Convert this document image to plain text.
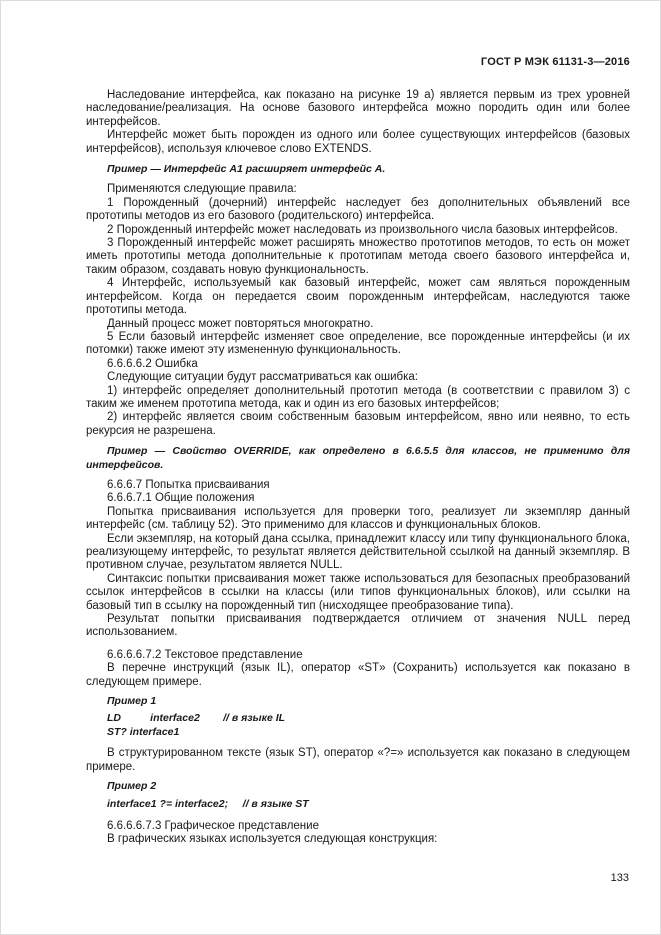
ГОСТ Р МЭК 61131-3—2016

Наследование интерфейса, как показано на рисунке 19 а) является первым из трех уровней наследование/реализация. На основе базового интерфейса можно породить один или более интерфейсов.

Интерфейс может быть порожден из одного или более существующих интерфейсов (базовых интерфейсов), используя ключевое слово EXTENDS.

Пример — Интерфейс А1 расширяет интерфейс А.

Применяются следующие правила:

1 Порожденный (дочерний) интерфейс наследует без дополнительных объявлений все прототипы методов из его базового (родительского) интерфейса.

2 Порожденный интерфейс может наследовать из произвольного числа базовых интерфейсов.

3 Порожденный интерфейс может расширять множество прототипов методов, то есть он может иметь прототипы метода дополнительные к прототипам метода своего базового интерфейса и, таким образом, создавать новую функциональность.

4 Интерфейс, используемый как базовый интерфейс, может сам являться порожденным интерфейсом. Когда он передается своим порожденным интерфейсам, наследуются также прототипы метода.

Данный процесс может повторяться многократно.

5 Если базовый интерфейс изменяет свое определение, все порожденные интерфейсы (и их потомки) также имеют эту измененную функциональность.

6.6.6.6.2 Ошибка

Следующие ситуации будут рассматриваться как ошибка:

1) интерфейс определяет дополнительный прототип метода (в соответствии с правилом 3) с таким же именем прототипа метода, как и один из его базовых интерфейсов;

2) интерфейс является своим собственным базовым интерфейсом, явно или неявно, то есть рекурсия не разрешена.

Пример — Свойство OVERRIDE, как определено в 6.6.5.5 для классов, не применимо для интерфейсов.

6.6.6.7 Попытка присваивания

6.6.6.7.1 Общие положения

Попытка присваивания используется для проверки того, реализует ли экземпляр данный интерфейс (см. таблицу 52). Это применимо для классов и функциональных блоков.

Если экземпляр, на который дана ссылка, принадлежит классу или типу функционального блока, реализующему интерфейс, то результат является действительной ссылкой на данный экземпляр. В противном случае, результатом является NULL.

Синтаксис попытки присваивания может также использоваться для безопасных преобразований ссылок интерфейсов в ссылки на классы (или типов функциональных блоков), или ссылки на базовый тип в ссылку на порожденный тип (нисходящее преобразование типа).

Результат попытки присваивания подтверждается отличием от значения NULL перед использованием.

6.6.6.6.7.2 Текстовое представление

В перечне инструкций (язык IL), оператор «ST» (Сохранить) используется как показано в следующем примере.

Пример 1

LD          interface2        // в языке IL

ST? interface1

В структурированном тексте (язык ST), оператор «?=» используется как показано в следующем примере.

Пример 2

interface1 ?= interface2;     // в языке ST

6.6.6.6.7.3 Графическое представление

В графических языках используется следующая конструкция:

133
